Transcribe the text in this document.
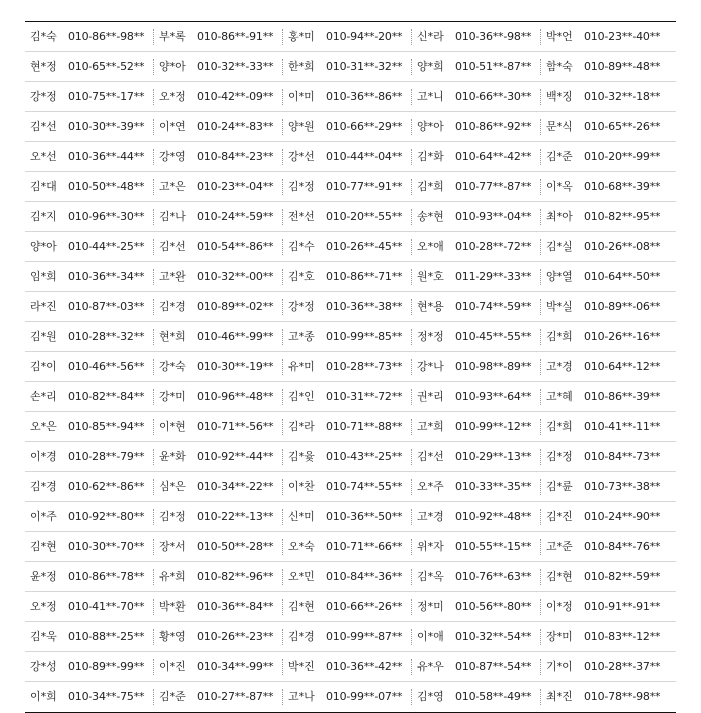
김*숙	010-86**-98**	부*록	010-86**-91**	홍*미	010-94**-20**	신*라	010-36**-98**	박*언	010-23**-40**
현*정	010-65**-52**	양*아	010-32**-33**	한*희	010-31**-32**	양*희	010-51**-87**	함*숙	010-89**-48**
강*정	010-75**-17**	오*정	010-42**-09**	이*미	010-36**-86**	고*니	010-66**-30**	백*징	010-32**-18**
김*선	010-30**-39**	이*연	010-24**-83**	양*원	010-66**-29**	양*아	010-86**-92**	문*식	010-65**-26**
오*선	010-36**-44**	강*영	010-84**-23**	강*선	010-44**-04**	김*화	010-64**-42**	김*준	010-20**-99**
김*대	010-50**-48**	고*은	010-23**-04**	김*정	010-77**-91**	김*희	010-77**-87**	이*옥	010-68**-39**
김*지	010-96**-30**	김*나	010-24**-59**	전*선	010-20**-55**	송*현	010-93**-04**	최*아	010-82**-95**
양*아	010-44**-25**	김*선	010-54**-86**	김*수	010-26**-45**	오*애	010-28**-72**	김*실	010-26**-08**
임*희	010-36**-34**	고*완	010-32**-00**	김*호	010-86**-71**	원*호	011-29**-33**	양*열	010-64**-50**
라*진	010-87**-03**	김*경	010-89**-02**	강*정	010-36**-38**	현*용	010-74**-59**	박*실	010-89**-06**
김*원	010-28**-32**	현*희	010-46**-99**	고*종	010-99**-85**	정*정	010-45**-55**	김*희	010-26**-16**
김*이	010-46**-56**	강*숙	010-30**-19**	유*미	010-28**-73**	강*나	010-98**-89**	고*경	010-64**-12**
손*리	010-82**-84**	강*미	010-96**-48**	김*인	010-31**-72**	권*리	010-93**-64**	고*혜	010-86**-39**
오*은	010-85**-94**	이*현	010-71**-56**	김*라	010-71**-88**	고*희	010-99**-12**	김*희	010-41**-11**
이*경	010-28**-79**	윤*화	010-92**-44**	김*윷	010-43**-25**	김*선	010-29**-13**	김*정	010-84**-73**
김*경	010-62**-86**	심*은	010-34**-22**	이*찬	010-74**-55**	오*주	010-33**-35**	김*륜	010-73**-38**
이*주	010-92**-80**	김*정	010-22**-13**	신*미	010-36**-50**	고*경	010-92**-48**	김*진	010-24**-90**
김*현	010-30**-70**	장*서	010-50**-28**	오*숙	010-71**-66**	위*자	010-55**-15**	고*준	010-84**-76**
윤*정	010-86**-78**	유*희	010-82**-96**	오*민	010-84**-36**	김*옥	010-76**-63**	김*현	010-82**-59**
오*정	010-41**-70**	박*환	010-36**-84**	김*현	010-66**-26**	정*미	010-56**-80**	이*정	010-91**-91**
김*욱	010-88**-25**	황*영	010-26**-23**	김*경	010-99**-87**	이*애	010-32**-54**	장*미	010-83**-12**
강*성	010-89**-99**	이*진	010-34**-99**	박*진	010-36**-42**	유*우	010-87**-54**	기*이	010-28**-37**
이*희	010-34**-75**	김*준	010-27**-87**	고*나	010-99**-07**	김*영	010-58**-49**	최*진	010-78**-98**
